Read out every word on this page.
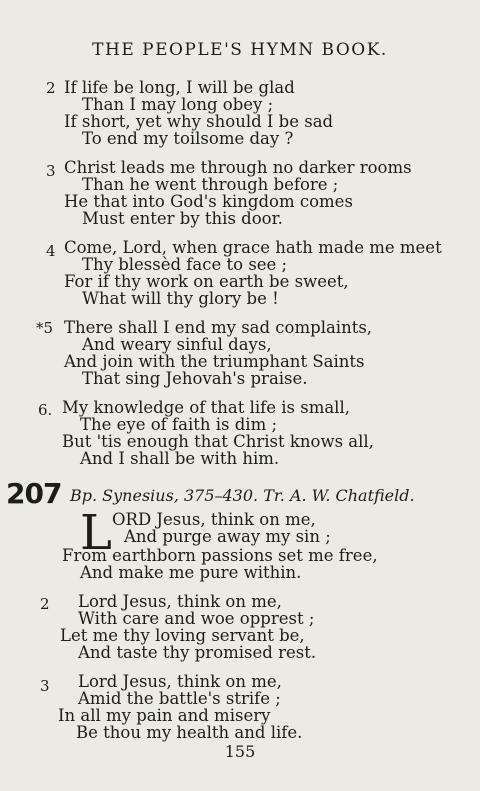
THE PEOPLE'S HYMN BOOK.
2 If life be long, I will be glad
Than I may long obey ;
If short, yet why should I be sad
To end my toilsome day ?
3 Christ leads me through no darker rooms
Than he went through before ;
He that into God's kingdom comes
Must enter by this door.
4 Come, Lord, when grace hath made me meet
Thy blessèd face to see ;
For if thy work on earth be sweet,
What will thy glory be !
*5 There shall I end my sad complaints,
And weary sinful days,
And join with the triumphant Saints
That sing Jehovah's praise.
6. My knowledge of that life is small,
The eye of faith is dim ;
But 'tis enough that Christ knows all,
And I shall be with him.
207 Bp. Synesius, 375–430. Tr. A. W. Chatfield.
L ORD Jesus, think on me,
And purge away my sin ;
From earthborn passions set me free,
And make me pure within.
2 Lord Jesus, think on me,
With care and woe opprest ;
Let me thy loving servant be,
And taste thy promised rest.
3 Lord Jesus, think on me,
Amid the battle's strife ;
In all my pain and misery
Be thou my health and life.
155
